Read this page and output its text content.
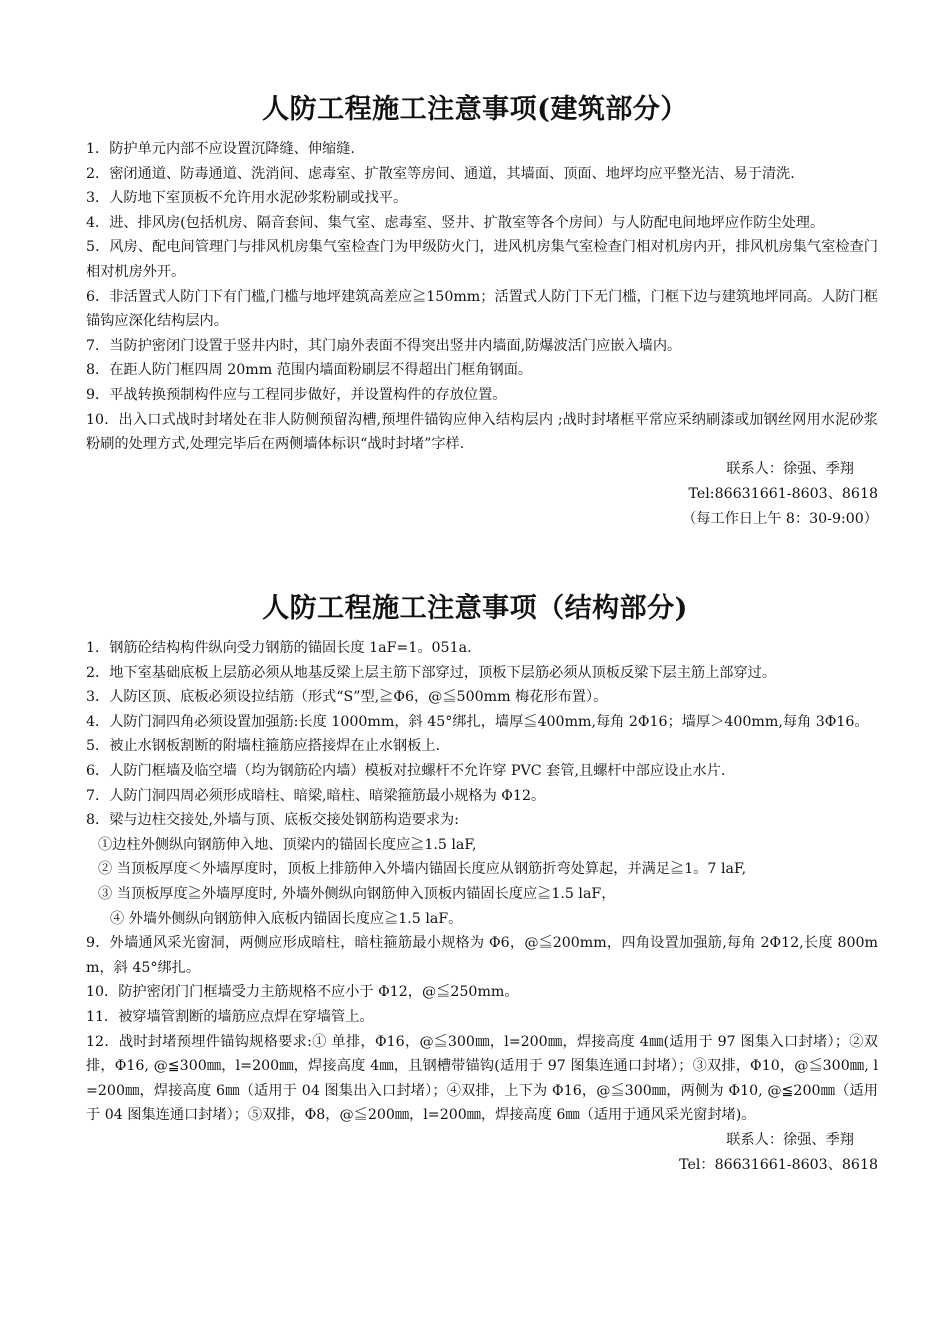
人防工程施工注意事项(建筑部分）

1．防护单元内部不应设置沉降缝、伸缩缝.

2．密闭通道、防毒通道、洗消间、虑毒室、扩散室等房间、通道，其墙面、顶面、地坪均应平整光洁、易于清洗.

3．人防地下室顶板不允许用水泥砂浆粉刷或找平。

4．进、排风房(包括机房、隔音套间、集气室、虑毒室、竖井、扩散室等各个房间）与人防配电间地坪应作防尘处理。

5．风房、配电间管理门与排风机房集气室检查门为甲级防火门，进风机房集气室检查门相对机房内开，排风机房集气室检查门相对机房外开。

6．非活置式人防门下有门槛,门槛与地坪建筑高差应≧150mm；活置式人防门下无门槛，门框下边与建筑地坪同高。人防门框锚钩应深化结构层内。

7．当防护密闭门设置于竖井内时，其门扇外表面不得突出竖井内墙面,防爆波活门应嵌入墙内。

8．在距人防门框四周 20mm 范围内墙面粉刷层不得超出门框角钢面。

9．平战转换预制构件应与工程同步做好，并设置构件的存放位置。

10．出入口式战时封堵处在非人防侧预留沟槽,预埋件锚钩应伸入结构层内 ;战时封堵框平常应采纳刷漆或加钢丝网用水泥砂浆粉刷的处理方式,处理完毕后在两侧墙体标识“战时封堵”字样.

联系人：徐强、季翔

Tel:86631661-8603、8618

（每工作日上午 8：30-9:00）

人防工程施工注意事项（结构部分)

1．钢筋砼结构构件纵向受力钢筋的锚固长度 1aF=1。051a.

2．地下室基础底板上层筋必须从地基反梁上层主筋下部穿过，顶板下层筋必须从顶板反梁下层主筋上部穿过。

3．人防区顶、底板必须设拉结筋（形式“S”型,≧Φ6，@≦500mm 梅花形布置）。

4．人防门洞四角必须设置加强筋:长度 1000mm，斜 45°绑扎，墙厚≦400mm,每角 2Φ16；墙厚＞400mm,每角 3Φ16。

5．被止水钢板割断的附墙柱箍筋应搭接焊在止水钢板上.

6．人防门框墙及临空墙（均为钢筋砼内墙）模板对拉螺杆不允许穿 PVC 套管,且螺杆中部应设止水片.

7．人防门洞四周必须形成暗柱、暗梁,暗柱、暗梁箍筋最小规格为 Φ12。

8．梁与边柱交接处,外墙与顶、底板交接处钢筋构造要求为:

①边柱外侧纵向钢筋伸入地、顶梁内的锚固长度应≧1.5 laF,

② 当顶板厚度＜外墙厚度时，顶板上排筋伸入外墙内锚固长度应从钢筋折弯处算起，并满足≧1。7 laF,

③ 当顶板厚度≧外墙厚度时, 外墙外侧纵向钢筋伸入顶板内锚固长度应≧1.5 laF，

④ 外墙外侧纵向钢筋伸入底板内锚固长度应≧1.5 laF。

9．外墙通风采光窗洞，两侧应形成暗柱，暗柱箍筋最小规格为 Φ6，@≦200mm，四角设置加强筋,每角 2Φ12,长度 800mm，斜 45°绑扎。

10．防护密闭门门框墙受力主筋规格不应小于 Φ12，@≦250mm。

11．被穿墙管割断的墙筋应点焊在穿墙管上。

12．战时封堵预埋件锚钩规格要求:① 单排，Φ16，@≦300㎜，l=200㎜，焊接高度 4㎜(适用于 97 图集入口封堵）；②双排，Φ16, @≦300㎜，l=200㎜，焊接高度 4㎜，且钢槽带锚钩(适用于 97 图集连通口封堵）；③双排，Φ10，@≦300㎜, l=200㎜，焊接高度 6㎜（适用于 04 图集出入口封堵）；④双排，上下为 Φ16，@≦300㎜，两侧为 Φ10, @≦200㎜（适用于 04 图集连通口封堵）；⑤双排，Φ8，@≦200㎜，l=200㎜，焊接高度 6㎜（适用于通风采光窗封堵)。

联系人：徐强、季翔

Tel：86631661-8603、8618
